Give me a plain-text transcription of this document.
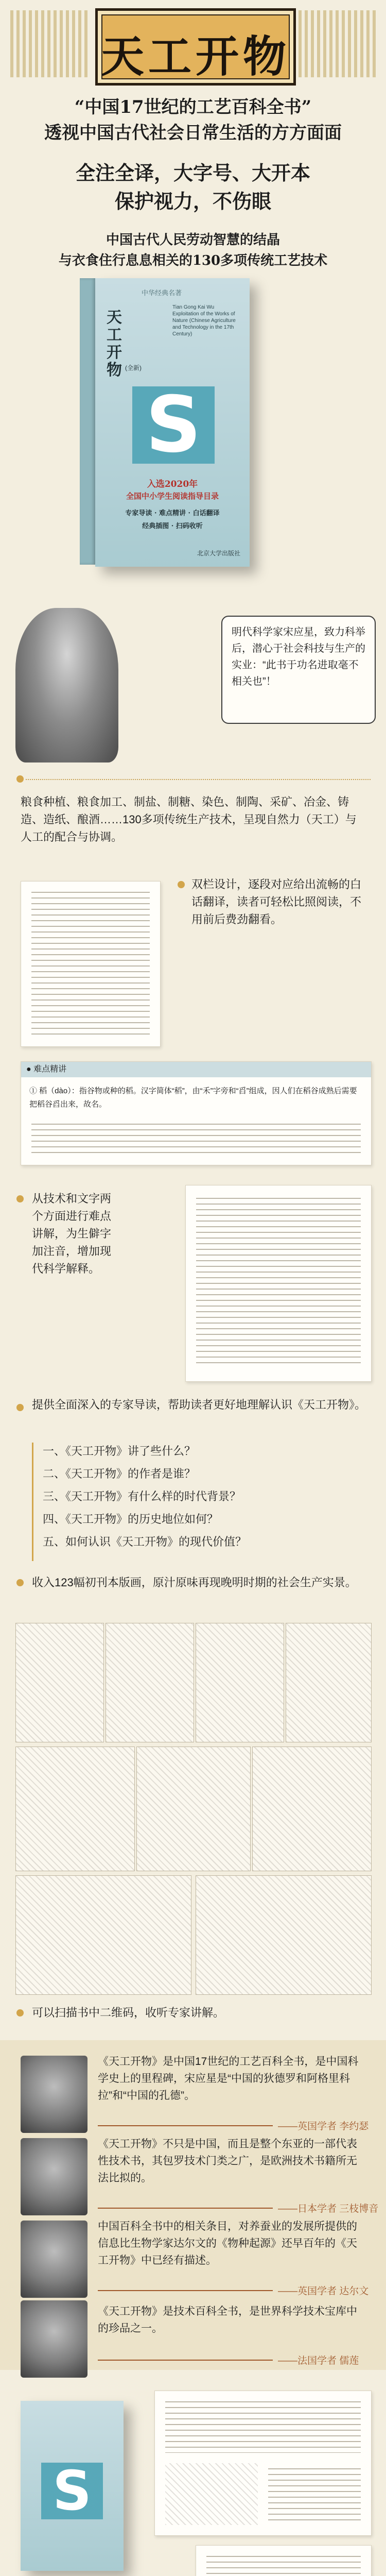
天工开物
“中国17世纪的工艺百科全书”
透视中国古代社会日常生活的方方面面
全注全译，大字号、大开本
保护视力，不伤眼
中国古代人民劳动智慧的结晶
与衣食住行息息相关的130多项传统工艺技术
中华经典名著
天工开物 (全新)
Tian Gong Kai Wu Exploitation of the Works of Nature (Chinese Agriculture and Technology in the 17th Century)
S
入选2020年
全国中小学生阅读指导目录
专家导读 · 难点精讲 · 白话翻译
经典插图 · 扫码收听
北京大学出版社
明代科学家宋应星，致力科举后，潜心于社会科技与生产的实业：“此书于功名进取毫不相关也”！
粮食种植、粮食加工、制盐、制糖、染色、制陶、采矿、冶金、铸造、造纸、酿酒……130多项传统生产技术，呈现自然力（天工）与人工的配合与协调。
双栏设计，逐段对应给出流畅的白话翻译，读者可轻松比照阅读，不用前后费劲翻看。
● 难点精讲
① 稻（dào）：指谷物或种的稻。汉字简体“稻”，由“禾”字旁和“舀”组成，因人们在稻谷成熟后需要把稻谷舀出来，故名。
从技术和文字两个方面进行难点讲解，为生僻字加注音，增加现代科学解释。
提供全面深入的专家导读，帮助读者更好地理解认识《天工开物》。
一、《天工开物》讲了些什么？
二、《天工开物》的作者是谁？
三、《天工开物》有什么样的时代背景？
四、《天工开物》的历史地位如何？
五、如何认识《天工开物》的现代价值？
收入123幅初刊本版画，原汁原味再现晚明时期的社会生产实景。
可以扫描书中二维码，收听专家讲解。
《天工开物》是中国17世纪的工艺百科全书，是中国科学史上的里程碑，宋应星是“中国的狄德罗和阿格里科拉”和“中国的孔德”。
——英国学者 李约瑟
《天工开物》不只是中国，而且是整个东亚的一部代表性技术书，其包罗技术门类之广，是欧洲技术书籍所无法比拟的。
——日本学者 三枝博音
中国百科全书中的相关条目，对养蚕业的发展所提供的信息比生物学家达尔文的《物种起源》还早百年的《天工开物》中已经有描述。
——英国学者 达尔文
《天工开物》是技术百科全书，是世界科学技术宝库中的珍品之一。
——法国学者 儒莲
S
